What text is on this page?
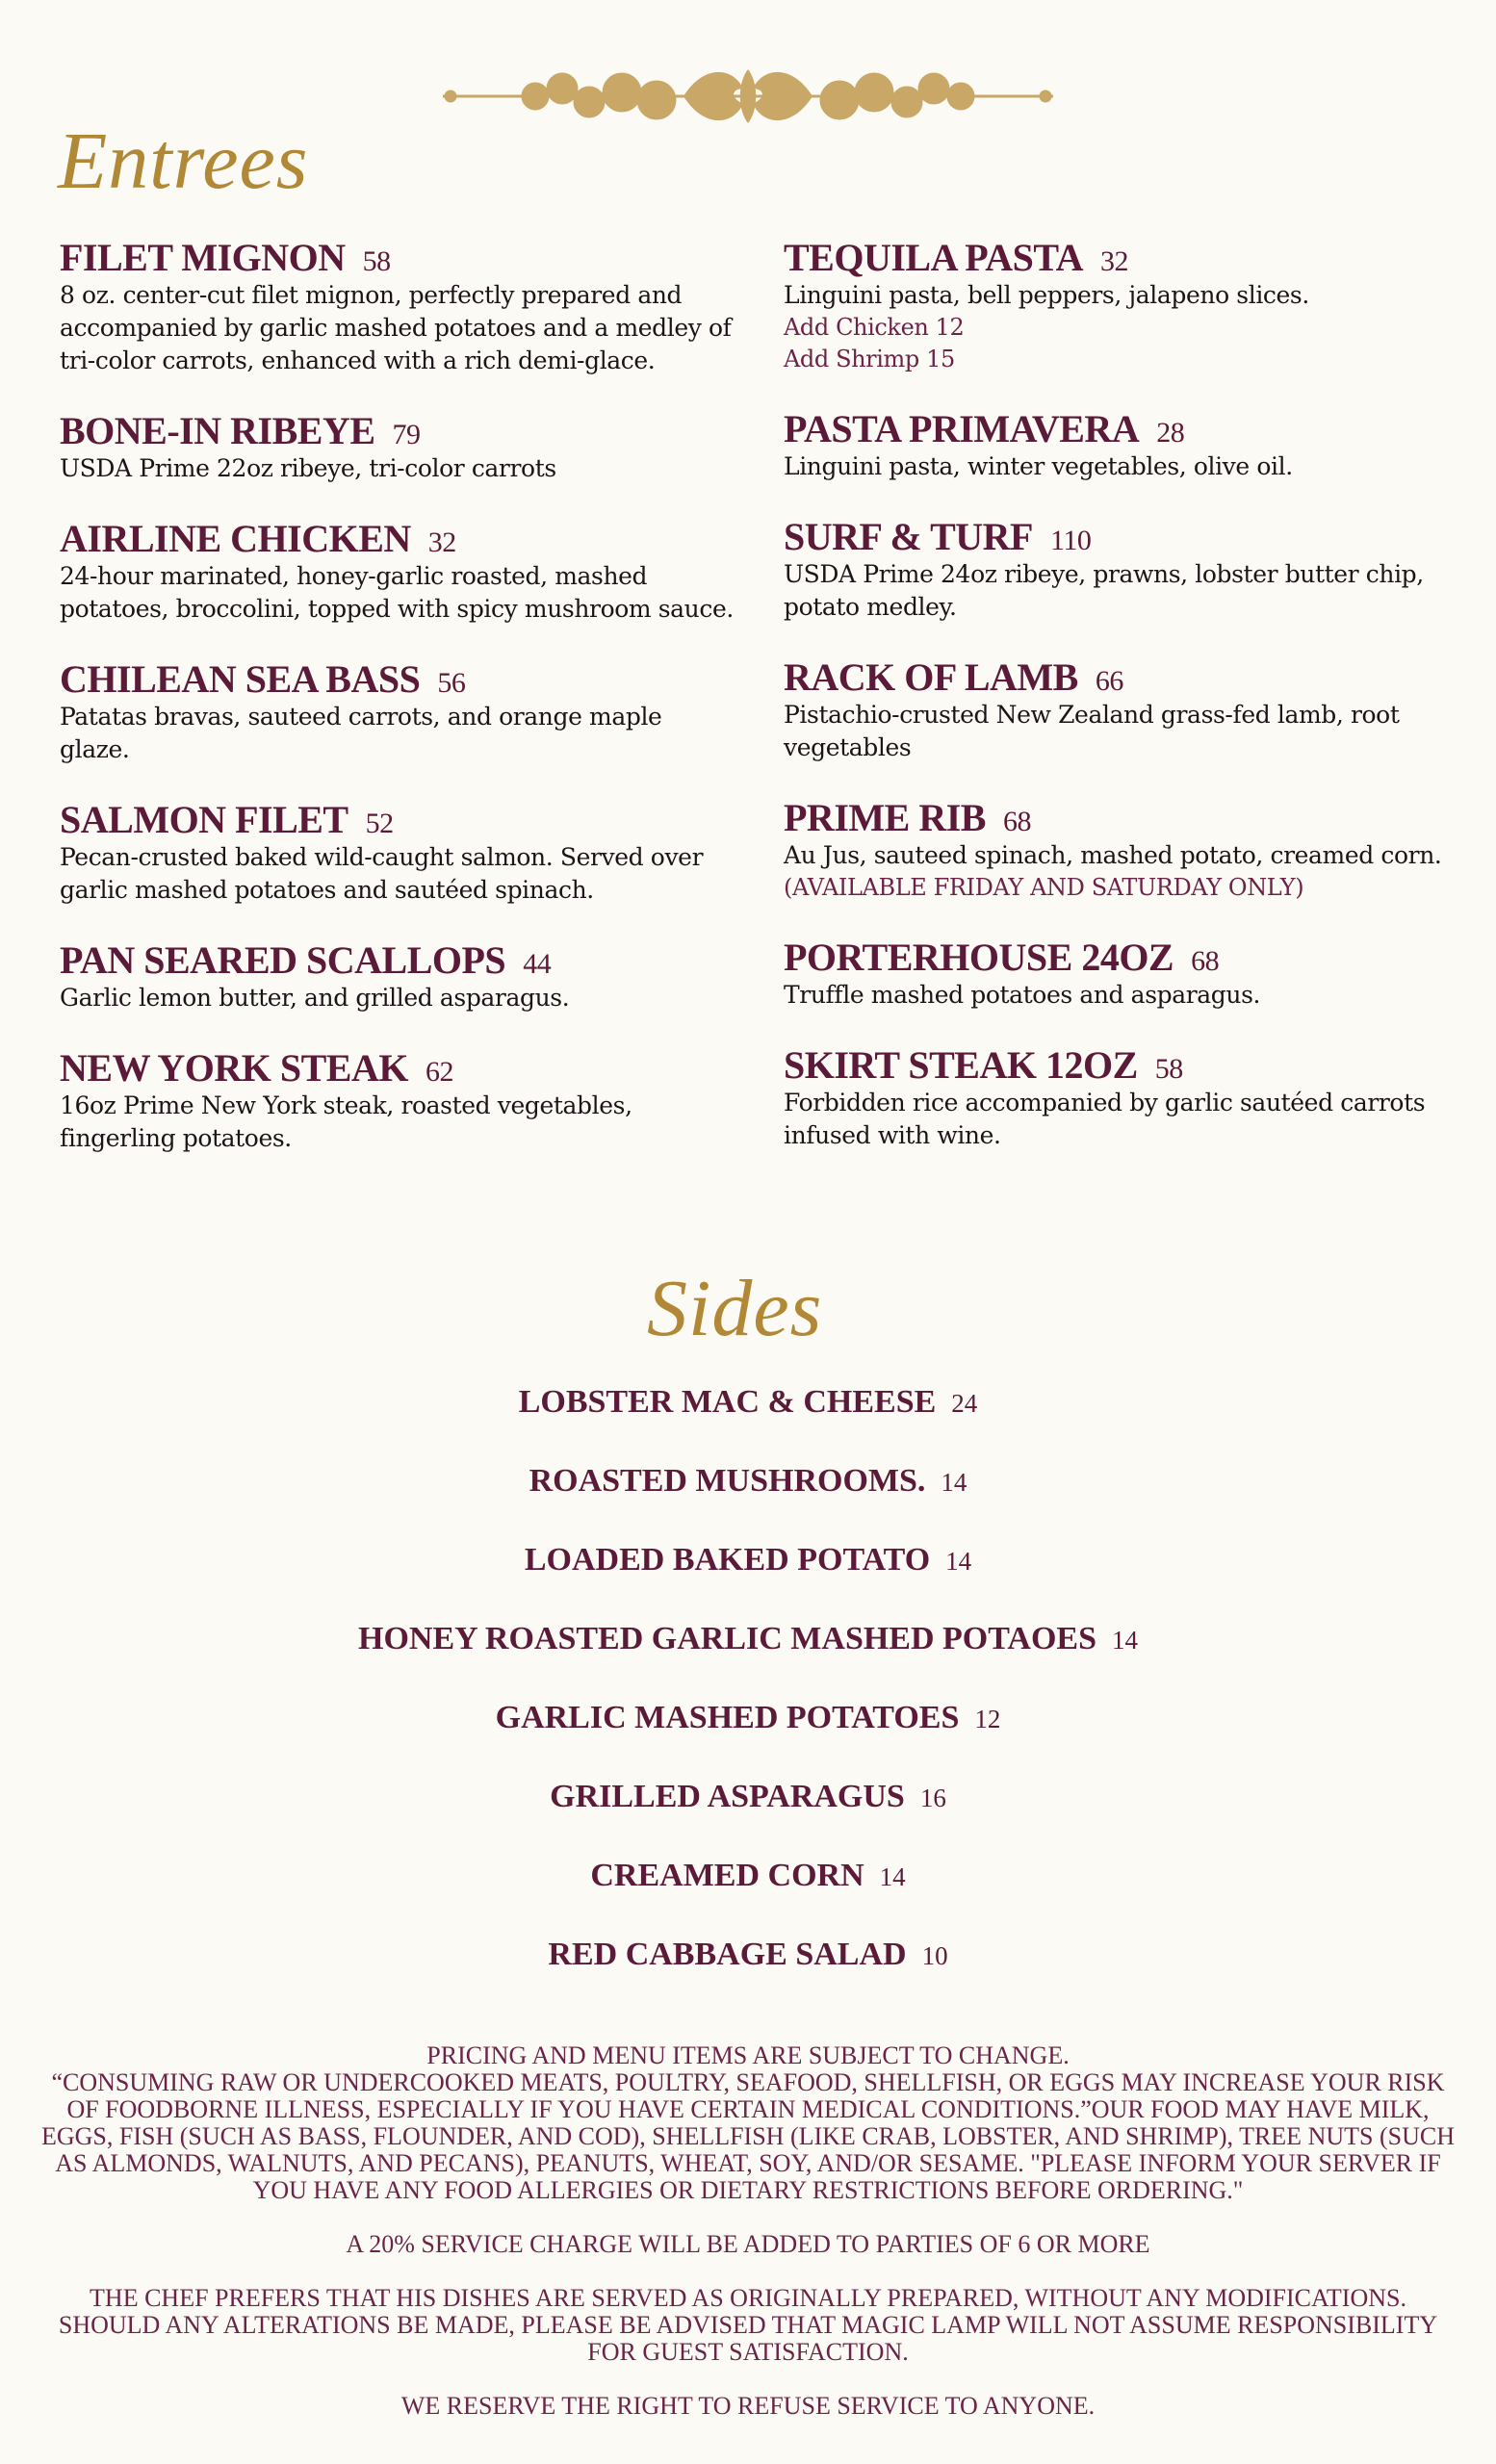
Entrees
FILET MIGNON 58
8 oz. center-cut filet mignon, perfectly prepared and accompanied by garlic mashed potatoes and a medley of tri-color carrots, enhanced with a rich demi-glace.
BONE-IN RIBEYE 79
USDA Prime 22oz ribeye, tri-color carrots
AIRLINE CHICKEN 32
24-hour marinated, honey-garlic roasted, mashed potatoes, broccolini, topped with spicy mushroom sauce.
CHILEAN SEA BASS 56
Patatas bravas, sauteed carrots, and orange maple glaze.
SALMON FILET 52
Pecan-crusted baked wild-caught salmon. Served over garlic mashed potatoes and sautéed spinach.
PAN SEARED SCALLOPS 44
Garlic lemon butter, and grilled asparagus.
NEW YORK STEAK 62
16oz Prime New York steak, roasted vegetables, fingerling potatoes.
TEQUILA PASTA 32
Linguini pasta, bell peppers, jalapeno slices.
Add Chicken 12
Add Shrimp 15
PASTA PRIMAVERA 28
Linguini pasta, winter vegetables, olive oil.
SURF & TURF 110
USDA Prime 24oz ribeye, prawns, lobster butter chip, potato medley.
RACK OF LAMB 66
Pistachio-crusted New Zealand grass-fed lamb, root vegetables
PRIME RIB 68
Au Jus, sauteed spinach, mashed potato, creamed corn.
(AVAILABLE FRIDAY AND SATURDAY ONLY)
PORTERHOUSE 24OZ 68
Truffle mashed potatoes and asparagus.
SKIRT STEAK 12OZ 58
Forbidden rice accompanied by garlic sautéed carrots infused with wine.
Sides
LOBSTER MAC & CHEESE 24
ROASTED MUSHROOMS. 14
LOADED BAKED POTATO 14
HONEY ROASTED GARLIC MASHED POTAOES 14
GARLIC MASHED POTATOES 12
GRILLED ASPARAGUS 16
CREAMED CORN 14
RED CABBAGE SALAD 10

PRICING AND MENU ITEMS ARE SUBJECT TO CHANGE.

“CONSUMING RAW OR UNDERCOOKED MEATS, POULTRY, SEAFOOD, SHELLFISH, OR EGGS MAY INCREASE YOUR RISK OF FOODBORNE ILLNESS, ESPECIALLY IF YOU HAVE CERTAIN MEDICAL CONDITIONS.”OUR FOOD MAY HAVE MILK, EGGS, FISH (SUCH AS BASS, FLOUNDER, AND COD), SHELLFISH (LIKE CRAB, LOBSTER, AND SHRIMP), TREE NUTS (SUCH AS ALMONDS, WALNUTS, AND PECANS), PEANUTS, WHEAT, SOY, AND/OR SESAME. "PLEASE INFORM YOUR SERVER IF YOU HAVE ANY FOOD ALLERGIES OR DIETARY RESTRICTIONS BEFORE ORDERING."

A 20% SERVICE CHARGE WILL BE ADDED TO PARTIES OF 6 OR MORE

THE CHEF PREFERS THAT HIS DISHES ARE SERVED AS ORIGINALLY PREPARED, WITHOUT ANY MODIFICATIONS. SHOULD ANY ALTERATIONS BE MADE, PLEASE BE ADVISED THAT MAGIC LAMP WILL NOT ASSUME RESPONSIBILITY FOR GUEST SATISFACTION.

WE RESERVE THE RIGHT TO REFUSE SERVICE TO ANYONE.
